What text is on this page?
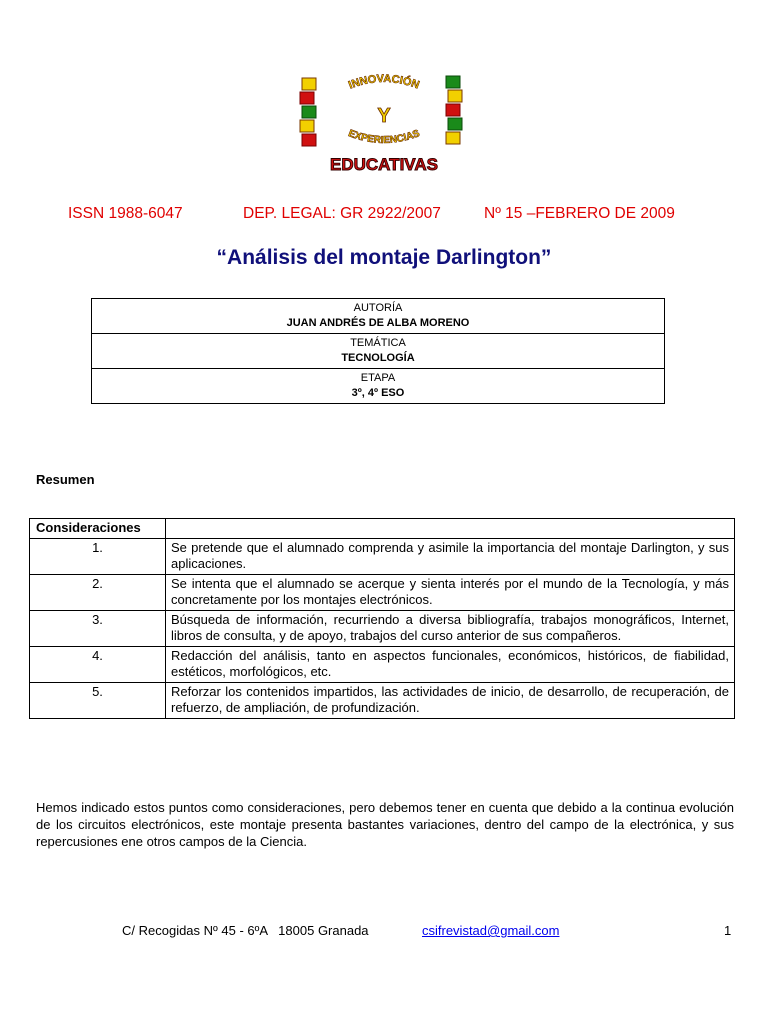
INNOVACIÓN
Y
EXPERIENCIAS
EDUCATIVAS
ISSN 1988-6047	DEP. LEGAL: GR 2922/2007	Nº 15 –FEBRERO DE 2009
“Análisis del montaje Darlington”
AUTORÍA
JUAN ANDRÉS DE ALBA MORENO

TEMÁTICA
TECNOLOGÍA

ETAPA
3º, 4º ESO
Resumen
Consideraciones	
1.	Se pretende que el alumnado comprenda y asimile la importancia del montaje Darlington, y sus aplicaciones.
2.	Se intenta que el alumnado se acerque y sienta interés por el mundo de la Tecnología, y más concretamente por los montajes electrónicos.
3.	Búsqueda de información, recurriendo a diversa bibliografía, trabajos monográficos, Internet, libros de consulta, y de apoyo, trabajos del curso anterior de sus compañeros.
4.	Redacción del análisis, tanto en aspectos funcionales, económicos, históricos, de fiabilidad, estéticos, morfológicos, etc.
5.	Reforzar los contenidos impartidos, las actividades de inicio, de desarrollo, de recuperación, de refuerzo, de ampliación, de profundización.

Hemos indicado estos puntos como consideraciones, pero debemos tener en cuenta que debido a la continua evolución de los circuitos electrónicos, este montaje presenta bastantes variaciones, dentro del campo de la electrónica, y sus repercusiones ene otros campos de la Ciencia.

C/ Recogidas Nº 45 - 6ºA   18005 Granada	csifrevistad@gmail.com	1
